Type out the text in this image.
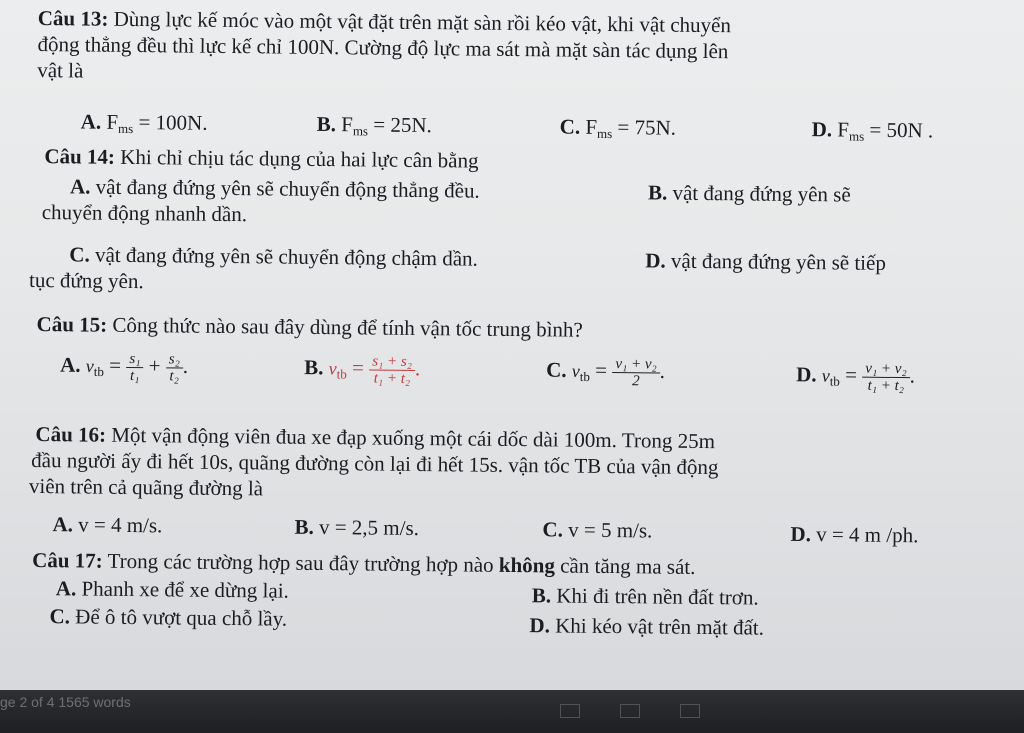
Câu 13: Dùng lực kế móc vào một vật đặt trên mặt sàn rồi kéo vật, khi vật chuyển
động thẳng đều thì lực kế chỉ 100N. Cường độ lực ma sát mà mặt sàn tác dụng lên
vật là
A. $F_{ms} = 100N$.	B. $F_{ms} = 25N$.	C. $F_{ms} = 75N$.	D. $F_{ms} = 50N$ .
Câu 14: Khi chỉ chịu tác dụng của hai lực cân bằng
A. vật đang đứng yên sẽ chuyển động thẳng đều.	B. vật đang đứng yên sẽ
chuyển động nhanh dần.
C. vật đang đứng yên sẽ chuyển động chậm dần.	D. vật đang đứng yên sẽ tiếp
tục đứng yên.
Câu 15: Công thức nào sau đây dùng để tính vận tốc trung bình?
A. $v_{tb} = \frac{\text{s₁}}{\text{t₁}} + \frac{\text{s₂}}{\text{t₂}}$ .	B. $v_{tb} = \frac{\text{s₁ + s₂}}{\text{t₁ + t₂}}$ .	C. $v_{tb} = \frac{\text{v₁ + v₂}}{2}$ .	D. $v_{tb} = \frac{\text{v₁ + v₂}}{\text{t₁ + t₂}}$ .
Câu 16: Một vận động viên đua xe đạp xuống một cái dốc dài 100m. Trong 25m
đầu người ấy đi hết 10s, quãng đường còn lại đi hết 15s. vận tốc TB của vận động
viên trên cả quãng đường là
A. v = 4 m/s.	B. v = 2,5 m/s.	C. v = 5 m/s.	D. v = 4 m /ph.
Câu 17: Trong các trường hợp sau đây trường hợp nào không cần tăng ma sát.
A. Phanh xe để xe dừng lại.	B. Khi đi trên nền đất trơn.
C. Để ô tô vượt qua chỗ lầy.	D. Khi kéo vật trên mặt đất.
ge 2 of 4 1565 words
